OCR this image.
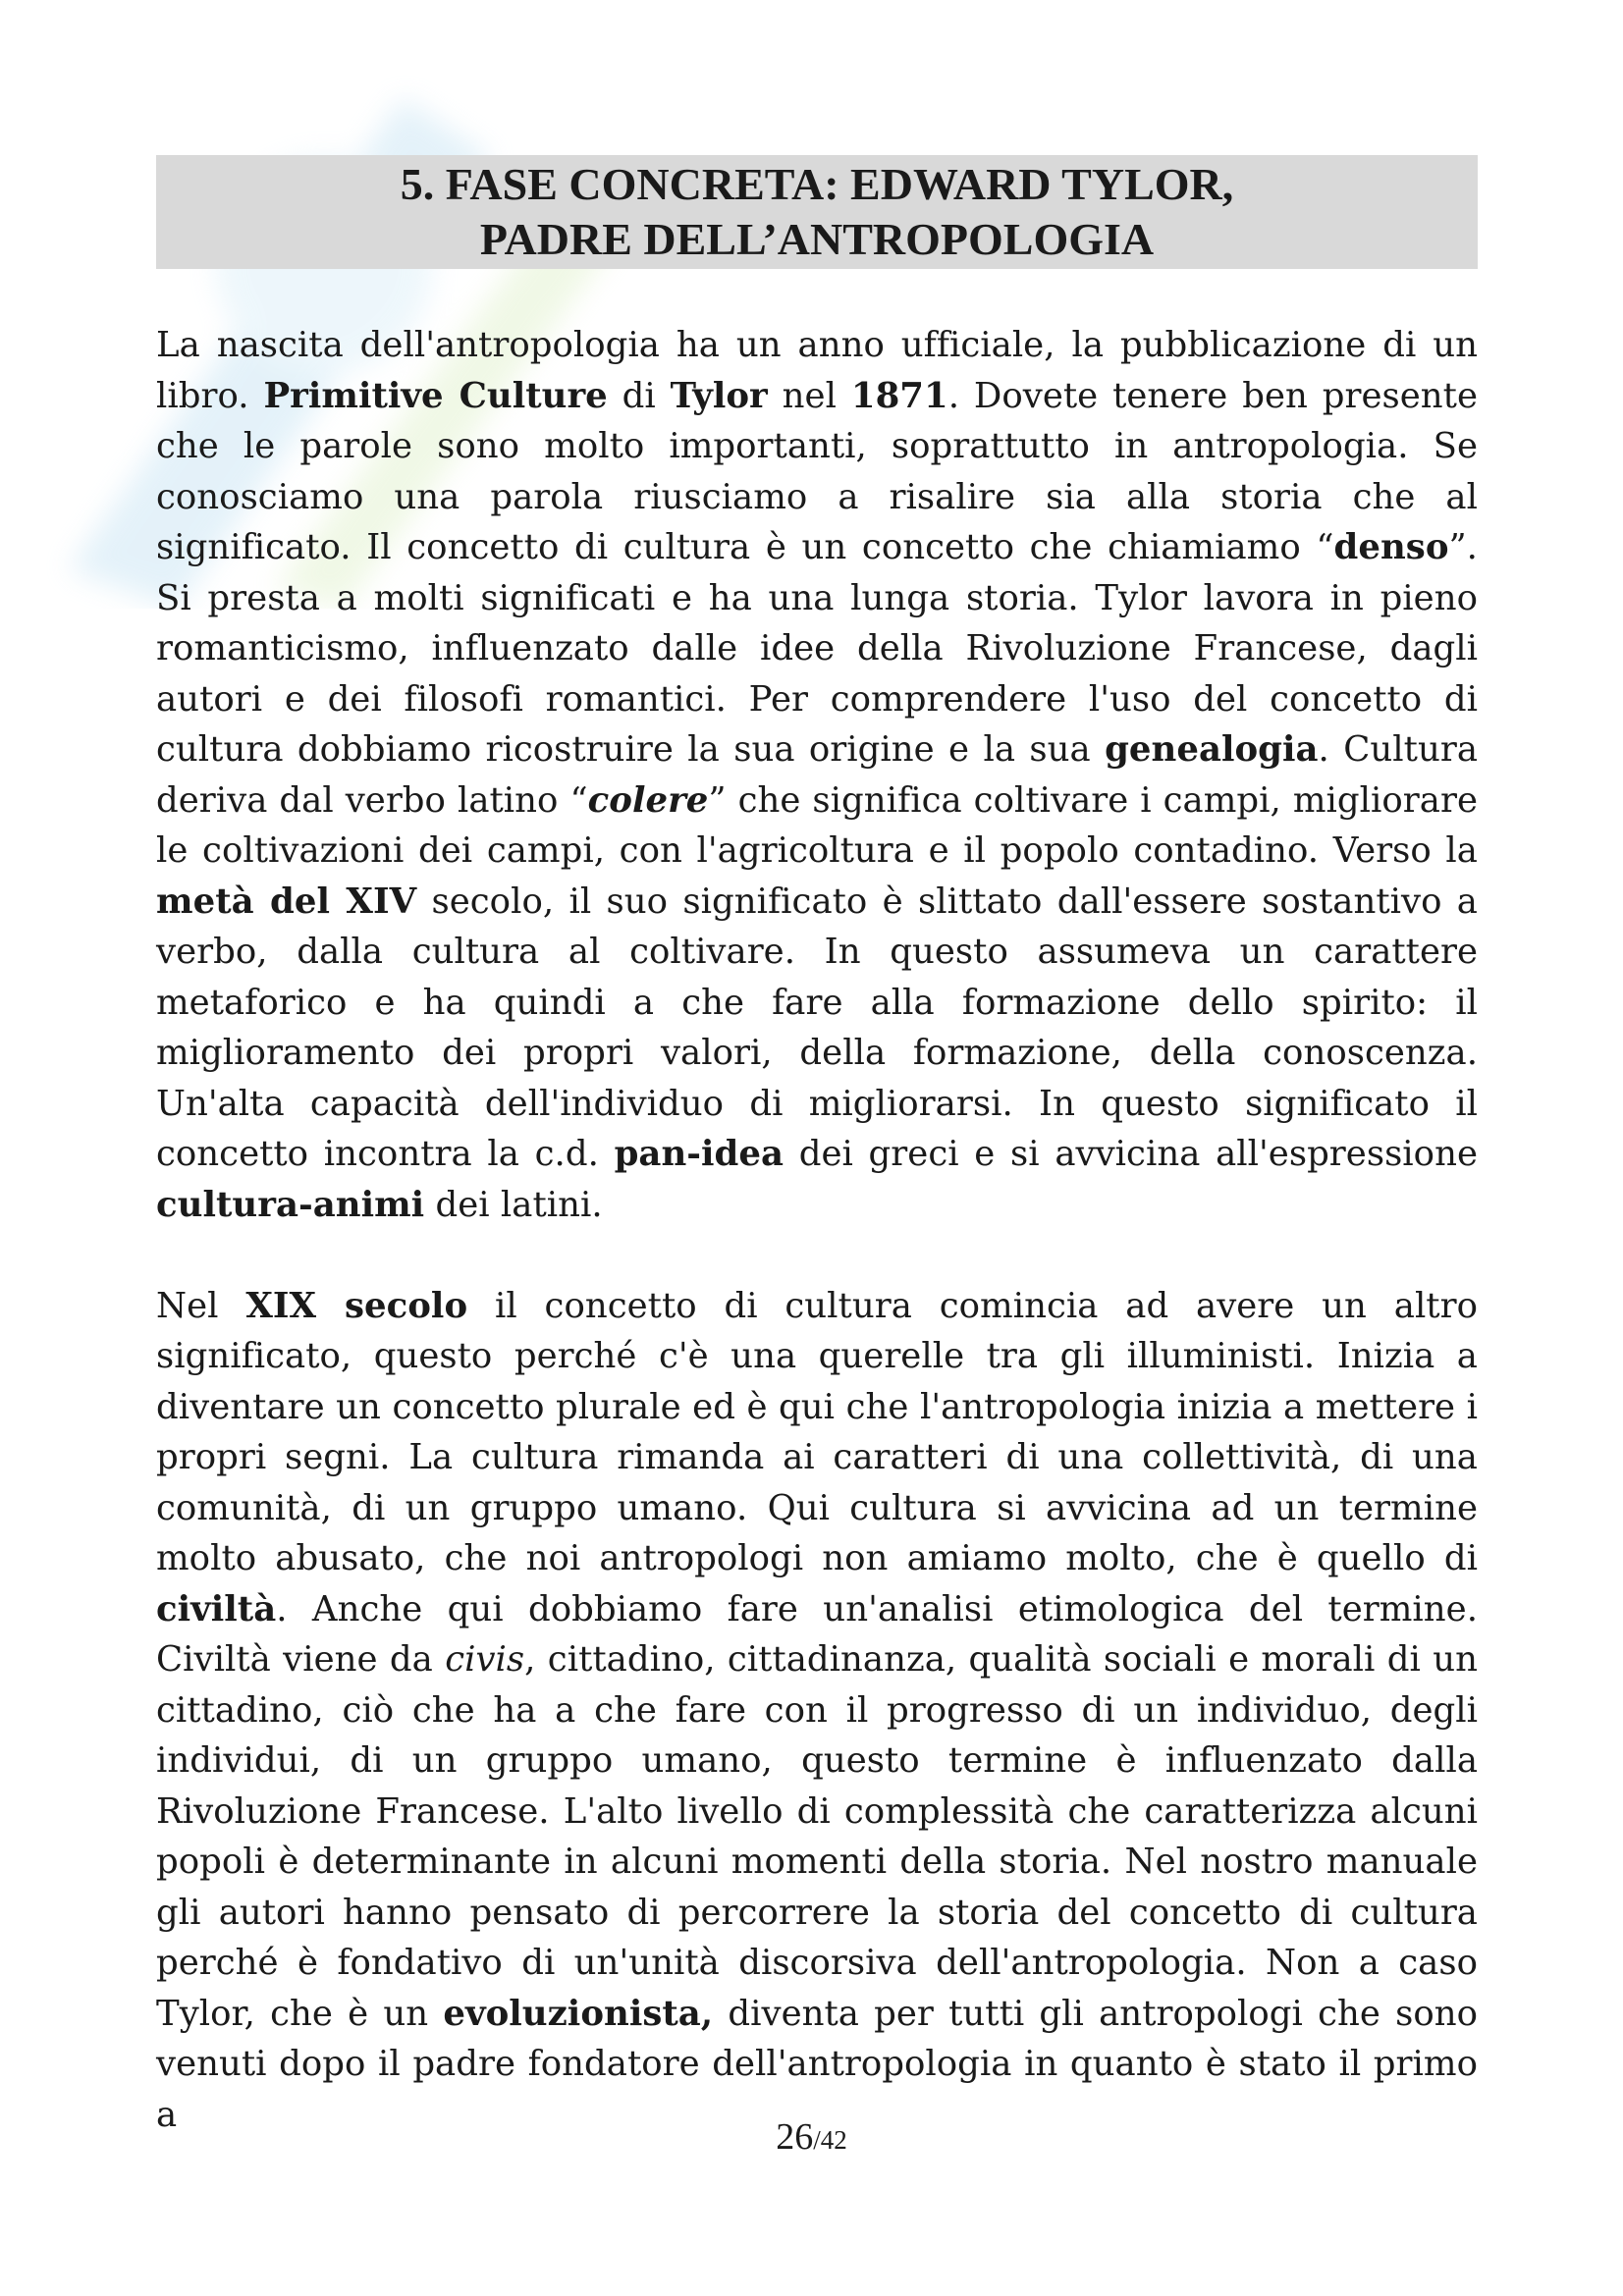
5. FASE CONCRETA: EDWARD TYLOR,
PADRE DELL’ANTROPOLOGIA

La nascita dell'antropologia ha un anno ufficiale, la pubblicazione di un libro. Primitive Culture di Tylor nel 1871. Dovete tenere ben presente che le parole sono molto importanti, soprattutto in antropologia. Se conosciamo una parola riusciamo a risalire sia alla storia che al significato. Il concetto di cultura è un concetto che chiamiamo “denso”. Si presta a molti significati e ha una lunga storia. Tylor lavora in pieno romanticismo, influenzato dalle idee della Rivoluzione Francese, dagli autori e dei filosofi romantici. Per comprendere l'uso del concetto di cultura dobbiamo ricostruire la sua origine e la sua genealogia. Cultura deriva dal verbo latino “colere” che significa coltivare i campi, migliorare le coltivazioni dei campi, con l'agricoltura e il popolo contadino. Verso la metà del XIV secolo, il suo significato è slittato dall'essere sostantivo a verbo, dalla cultura al coltivare. In questo assumeva un carattere metaforico e ha quindi a che fare alla formazione dello spirito: il miglioramento dei propri valori, della formazione, della conoscenza. Un'alta capacità dell'individuo di migliorarsi. In questo significato il concetto incontra la c.d. pan-idea dei greci e si avvicina all'espressione cultura-animi dei latini.

Nel XIX secolo il concetto di cultura comincia ad avere un altro significato, questo perché c'è una querelle tra gli illuministi. Inizia a diventare un concetto plurale ed è qui che l'antropologia inizia a mettere i propri segni. La cultura rimanda ai caratteri di una collettività, di una comunità, di un gruppo umano. Qui cultura si avvicina ad un termine molto abusato, che noi antropologi non amiamo molto, che è quello di civiltà. Anche qui dobbiamo fare un'analisi etimologica del termine. Civiltà viene da civis, cittadino, cittadinanza, qualità sociali e morali di un cittadino, ciò che ha a che fare con il progresso di un individuo, degli individui, di un gruppo umano, questo termine è influenzato dalla Rivoluzione Francese. L'alto livello di complessità che caratterizza alcuni popoli è determinante in alcuni momenti della storia. Nel nostro manuale gli autori hanno pensato di percorrere la storia del concetto di cultura perché è fondativo di un'unità discorsiva dell'antropologia. Non a caso Tylor, che è un evoluzionista, diventa per tutti gli antropologi che sono venuti dopo il padre fondatore dell'antropologia in quanto è stato il primo a

26/42
